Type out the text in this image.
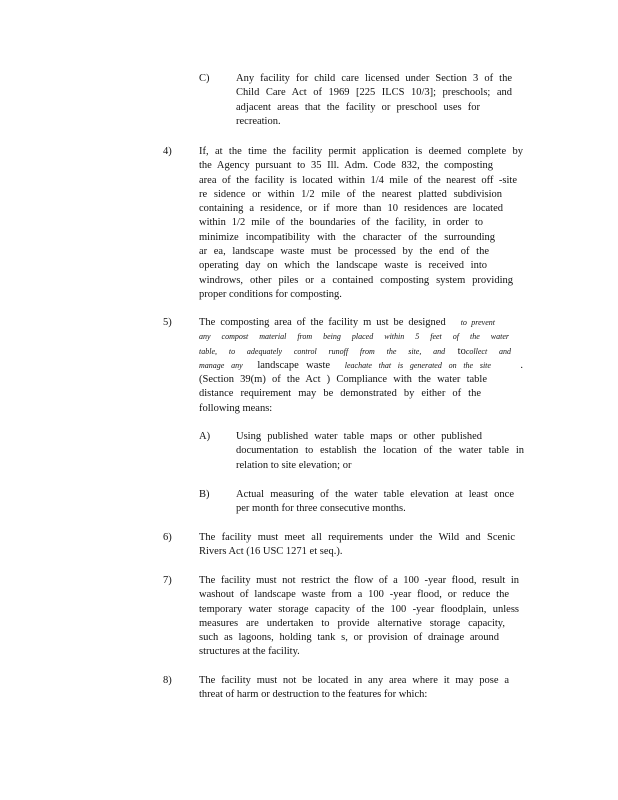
C)	Any facility for child care licensed under Section 3 of the
Child Care Act of 1969 [225 ILCS 10/3]; preschools; and
adjacent areas that the facility or preschool uses for
recreation.
4)	If, at the time the facility permit application is deemed complete by
the Agency pursuant to 35 Ill. Adm. Code 832, the composting
area of the facility is located within 1/4 mile of the nearest off -site
re sidence or within 1/2 mile of the nearest platted subdivision
containing a residence, or if more than 10 residences are located
within 1/2 mile of the boundaries of the facility, in order to
minimize incompatibility with the character of the surrounding
ar ea, landscape waste must be processed by the end of the
operating day on which the landscape waste is received into
windrows, other piles or a contained composting system providing
proper conditions for composting.
5)	The composting area of the facility m ust be designed to prevent
any compost material from being placed within 5 feet of the water
table, to adequately control runoff from the site, and tocollect and
manage any landscape waste leachate that is generated on the site	.
(Section 39(m) of the Act ) Compliance with the water table
distance requirement may be demonstrated by either of the
following means:
A) Using published water table maps or other published
documentation to establish the location of the water table in
relation to site elevation; or
B)	Actual measuring of the water table elevation at least once
per month for three consecutive months.
6)	The facility must meet all requirements under the Wild and Scenic
Rivers Act (16 USC 1271 et seq.).
7)	The facility must not restrict the flow of a 100 -year flood, result in
washout of landscape waste from a 100 -year flood, or reduce the
temporary water storage capacity of the 100 -year floodplain, unless
measures are undertaken to provide alternative storage capacity,
such as lagoons, holding tank s, or provision of drainage around
structures at the facility.
8)	The facility must not be located in any area where it may pose a
threat of harm or destruction to the features for which:
